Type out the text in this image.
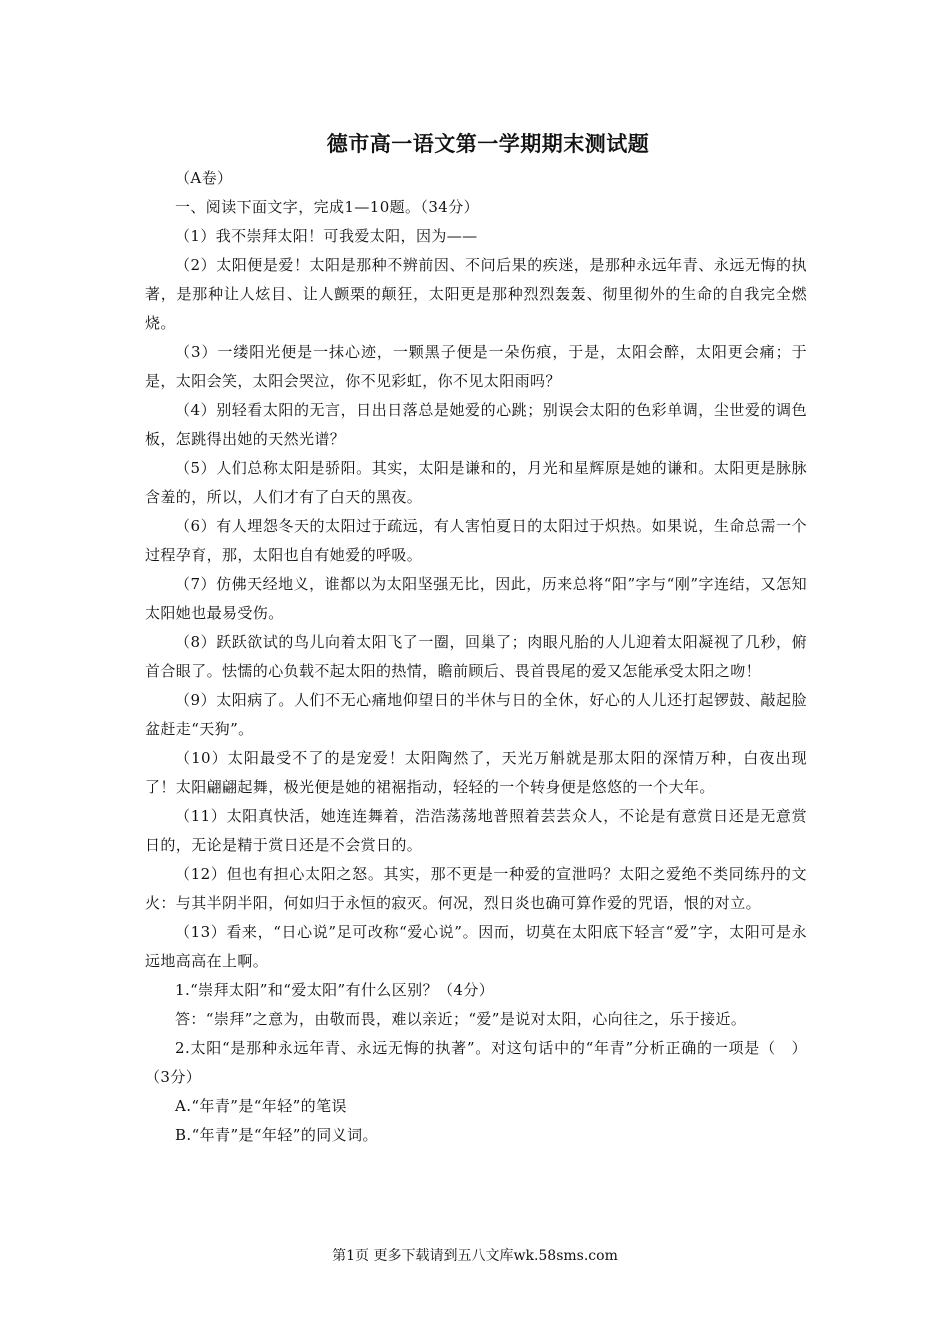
德市高一语文第一学期期末测试题

（A卷）

一、阅读下面文字，完成1—10题。（34分）

（1）我不崇拜太阳！可我爱太阳，因为——

（2）太阳便是爱！太阳是那种不辨前因、不问后果的疾迷，是那种永远年青、永远无悔的执著，是那种让人炫目、让人颤栗的颠狂，太阳更是那种烈烈轰轰、彻里彻外的生命的自我完全燃烧。

（3）一缕阳光便是一抹心迹，一颗黑子便是一朵伤痕，于是，太阳会醉，太阳更会痛；于是，太阳会笑，太阳会哭泣，你不见彩虹，你不见太阳雨吗？

（4）别轻看太阳的无言，日出日落总是她爱的心跳；别误会太阳的色彩单调，尘世爱的调色板，怎跳得出她的天然光谱？

（5）人们总称太阳是骄阳。其实，太阳是谦和的，月光和星辉原是她的谦和。太阳更是脉脉含羞的，所以，人们才有了白天的黑夜。

（6）有人埋怨冬天的太阳过于疏远，有人害怕夏日的太阳过于炽热。如果说，生命总需一个过程孕育，那，太阳也自有她爱的呼吸。

（7）仿佛天经地义，谁都以为太阳坚强无比，因此，历来总将“阳”字与“刚”字连结，又怎知太阳她也最易受伤。

（8）跃跃欲试的鸟儿向着太阳飞了一圈，回巢了；肉眼凡胎的人儿迎着太阳凝视了几秒，俯首合眼了。怯懦的心负载不起太阳的热情，瞻前顾后、畏首畏尾的爱又怎能承受太阳之吻！

（9）太阳病了。人们不无心痛地仰望日的半休与日的全休，好心的人儿还打起锣鼓、敲起脸盆赶走“天狗”。

（10）太阳最受不了的是宠爱！太阳陶然了，天光万斛就是那太阳的深情万种，白夜出现了！太阳翩翩起舞，极光便是她的裙裾指动，轻轻的一个转身便是悠悠的一个大年。

（11）太阳真快活，她连连舞着，浩浩荡荡地普照着芸芸众人，不论是有意赏日还是无意赏日的，无论是精于赏日还是不会赏日的。

（12）但也有担心太阳之怒。其实，那不更是一种爱的宣泄吗？太阳之爱绝不类同练丹的文火：与其半阴半阳，何如归于永恒的寂灭。何况，烈日炎也确可算作爱的咒语，恨的对立。

（13）看来，“日心说”足可改称“爱心说”。因而，切莫在太阳底下轻言“爱”字，太阳可是永远地高高在上啊。

1.“崇拜太阳”和“爱太阳”有什么区别？（4分）

答：“崇拜”之意为，由敬而畏，难以亲近；“爱”是说对太阳，心向往之，乐于接近。

2.太阳“是那种永远年青、永远无悔的执著”。对这句话中的“年青”分析正确的一项是（　）（3分）

A.“年青”是“年轻”的笔误

B.“年青”是“年轻”的同义词。

第1页 更多下载请到五八文库wk.58sms.com
